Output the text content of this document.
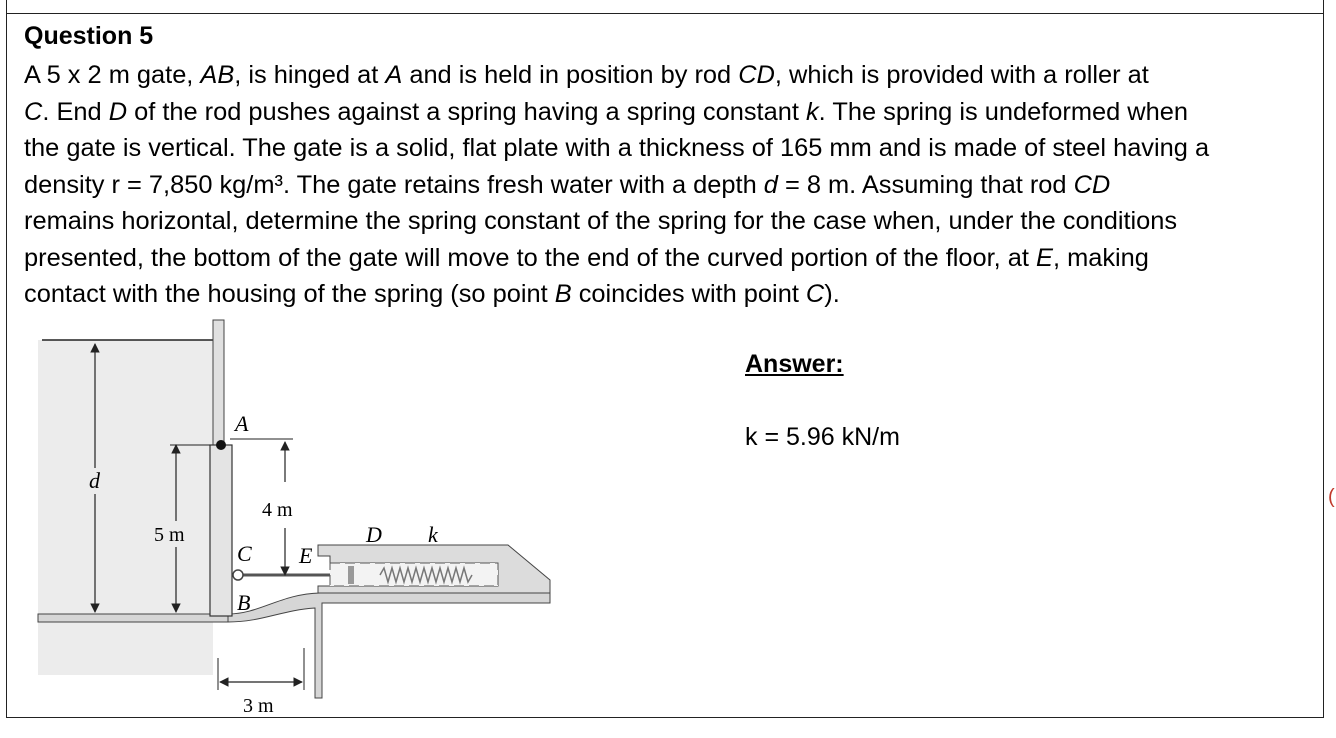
Question 5
A 5 x 2 m gate, AB, is hinged at A and is held in position by rod CD, which is provided with a roller at
C. End D of the rod pushes against a spring having a spring constant k. The spring is undeformed when
the gate is vertical. The gate is a solid, flat plate with a thickness of 165 mm and is made of steel having a
density r = 7,850 kg/m³. The gate retains fresh water with a depth d = 8 m. Assuming that rod CD
remains horizontal, determine the spring constant of the spring for the case when, under the conditions
presented, the bottom of the gate will move to the end of the curved portion of the floor, at E, making
contact with the housing of the spring (so point B coincides with point C).
d
5 m
4 m
3 m
A
C
B
E
D k
Answer:
k = 5.96 kN/m
(
